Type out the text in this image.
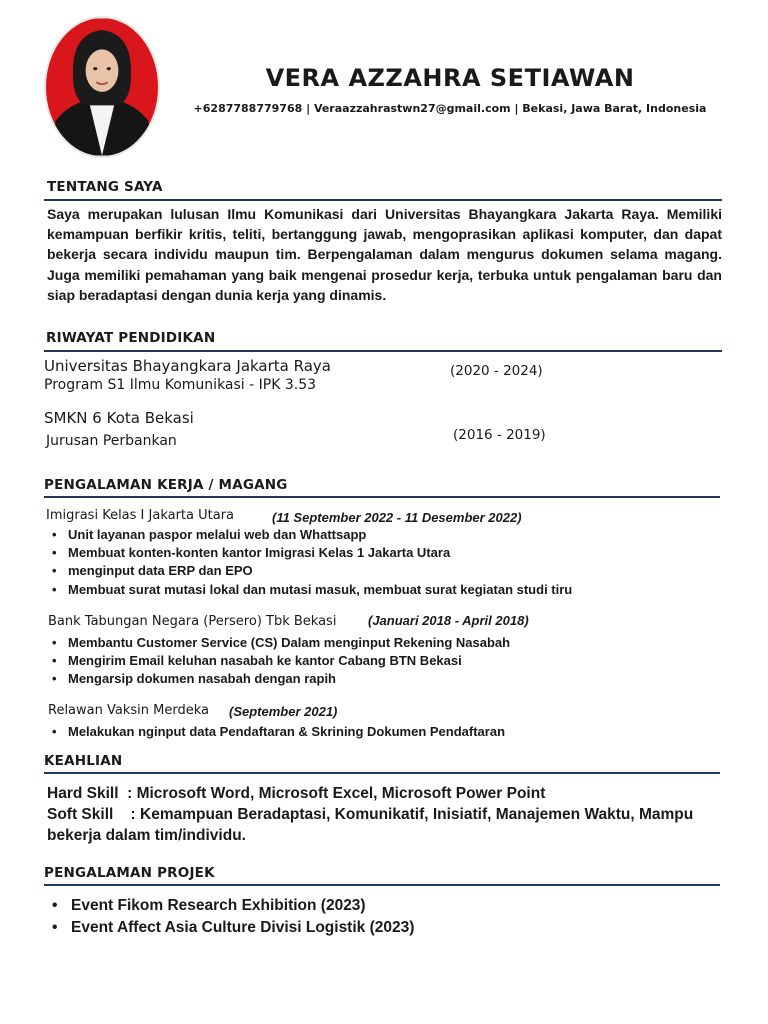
VERA AZZAHRA SETIAWAN
+6287788779768 | Veraazzahrastwn27@gmail.com | Bekasi, Jawa Barat, Indonesia
TENTANG SAYA
Saya merupakan lulusan Ilmu Komunikasi dari Universitas Bhayangkara Jakarta Raya. Memiliki kemampuan berfikir kritis, teliti, bertanggung jawab, mengoprasikan aplikasi komputer, dan dapat bekerja secara individu maupun tim. Berpengalaman dalam mengurus dokumen selama magang. Juga memiliki pemahaman yang baik mengenai prosedur kerja, terbuka untuk pengalaman baru dan siap beradaptasi dengan dunia kerja yang dinamis.
RIWAYAT PENDIDIKAN
Universitas Bhayangkara Jakarta Raya
Program S1 Ilmu Komunikasi - IPK 3.53
(2020 - 2024)
SMKN 6 Kota Bekasi
Jurusan Perbankan	(2016 - 2019)
PENGALAMAN KERJA / MAGANG
Imigrasi Kelas I Jakarta Utara	(11 September 2022 - 11 Desember 2022)
• Unit layanan paspor melalui web dan Whattsapp
• Membuat konten-konten kantor Imigrasi Kelas 1 Jakarta Utara
• menginput data ERP dan EPO
• Membuat surat mutasi lokal dan mutasi masuk, membuat surat kegiatan studi tiru
Bank Tabungan Negara (Persero) Tbk Bekasi (Januari 2018 - April 2018)
• Membantu Customer Service (CS) Dalam menginput Rekening Nasabah
• Mengirim Email keluhan nasabah ke kantor Cabang BTN Bekasi
• Mengarsip dokumen nasabah dengan rapih
Relawan Vaksin Merdeka (September 2021)
• Melakukan nginput data Pendaftaran & Skrining Dokumen Pendaftaran
KEAHLIAN
Hard Skill  : Microsoft Word, Microsoft Excel, Microsoft Power Point
Soft Skill    : Kemampuan Beradaptasi, Komunikatif, Inisiatif, Manajemen Waktu, Mampu bekerja dalam tim/individu.
PENGALAMAN PROJEK
• Event Fikom Research Exhibition (2023)
• Event Affect Asia Culture Divisi Logistik (2023)
